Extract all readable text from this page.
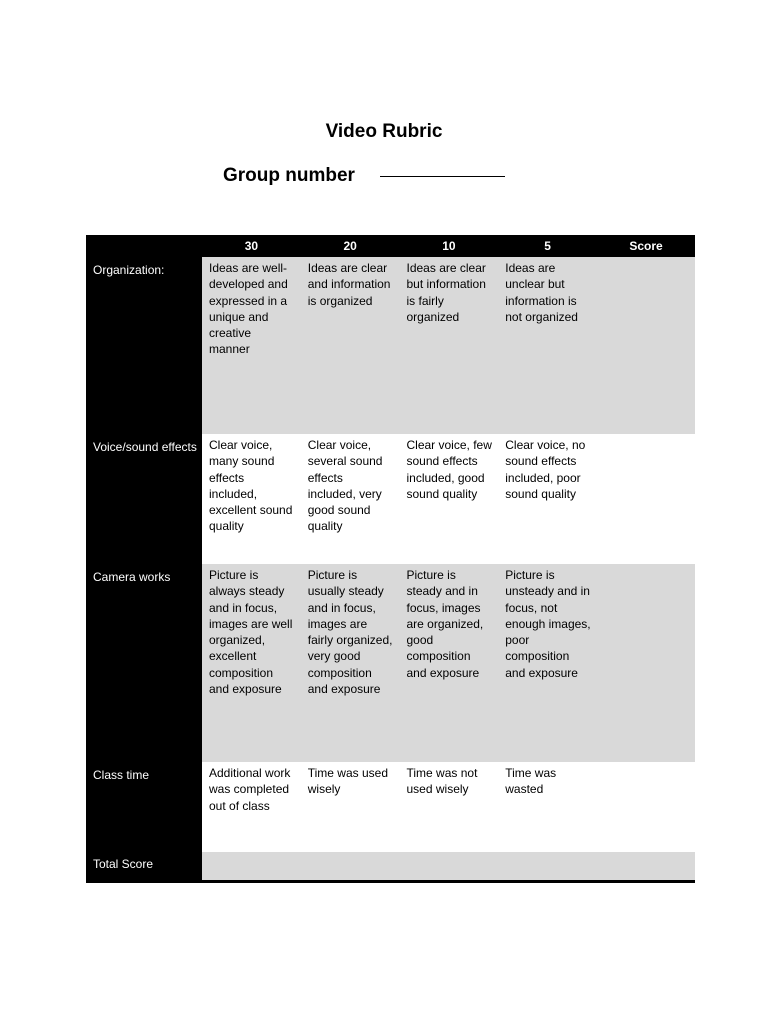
Video Rubric
Group number
	30	20	10	5	Score
Organization:	Ideas are well-developed and expressed in a unique and creative manner	Ideas are clear and information is organized	Ideas are clear but information is fairly organized	Ideas are unclear but information is not organized	
Voice/sound effects	Clear voice, many sound effects included, excellent sound quality	Clear voice, several sound effects included, very good sound quality	Clear voice, few sound effects included, good sound quality	Clear voice, no sound effects included, poor sound quality	
Camera works	Picture is always steady and in focus, images are well organized, excellent composition and exposure	Picture is usually steady and in focus, images are fairly organized, very good composition and exposure	Picture is steady and in focus, images are organized, good composition and exposure	Picture is unsteady and in focus, not enough images, poor composition and exposure	
Class time	Additional work was completed out of class	Time was used wisely	Time was not used wisely	Time was wasted	
Total Score					
